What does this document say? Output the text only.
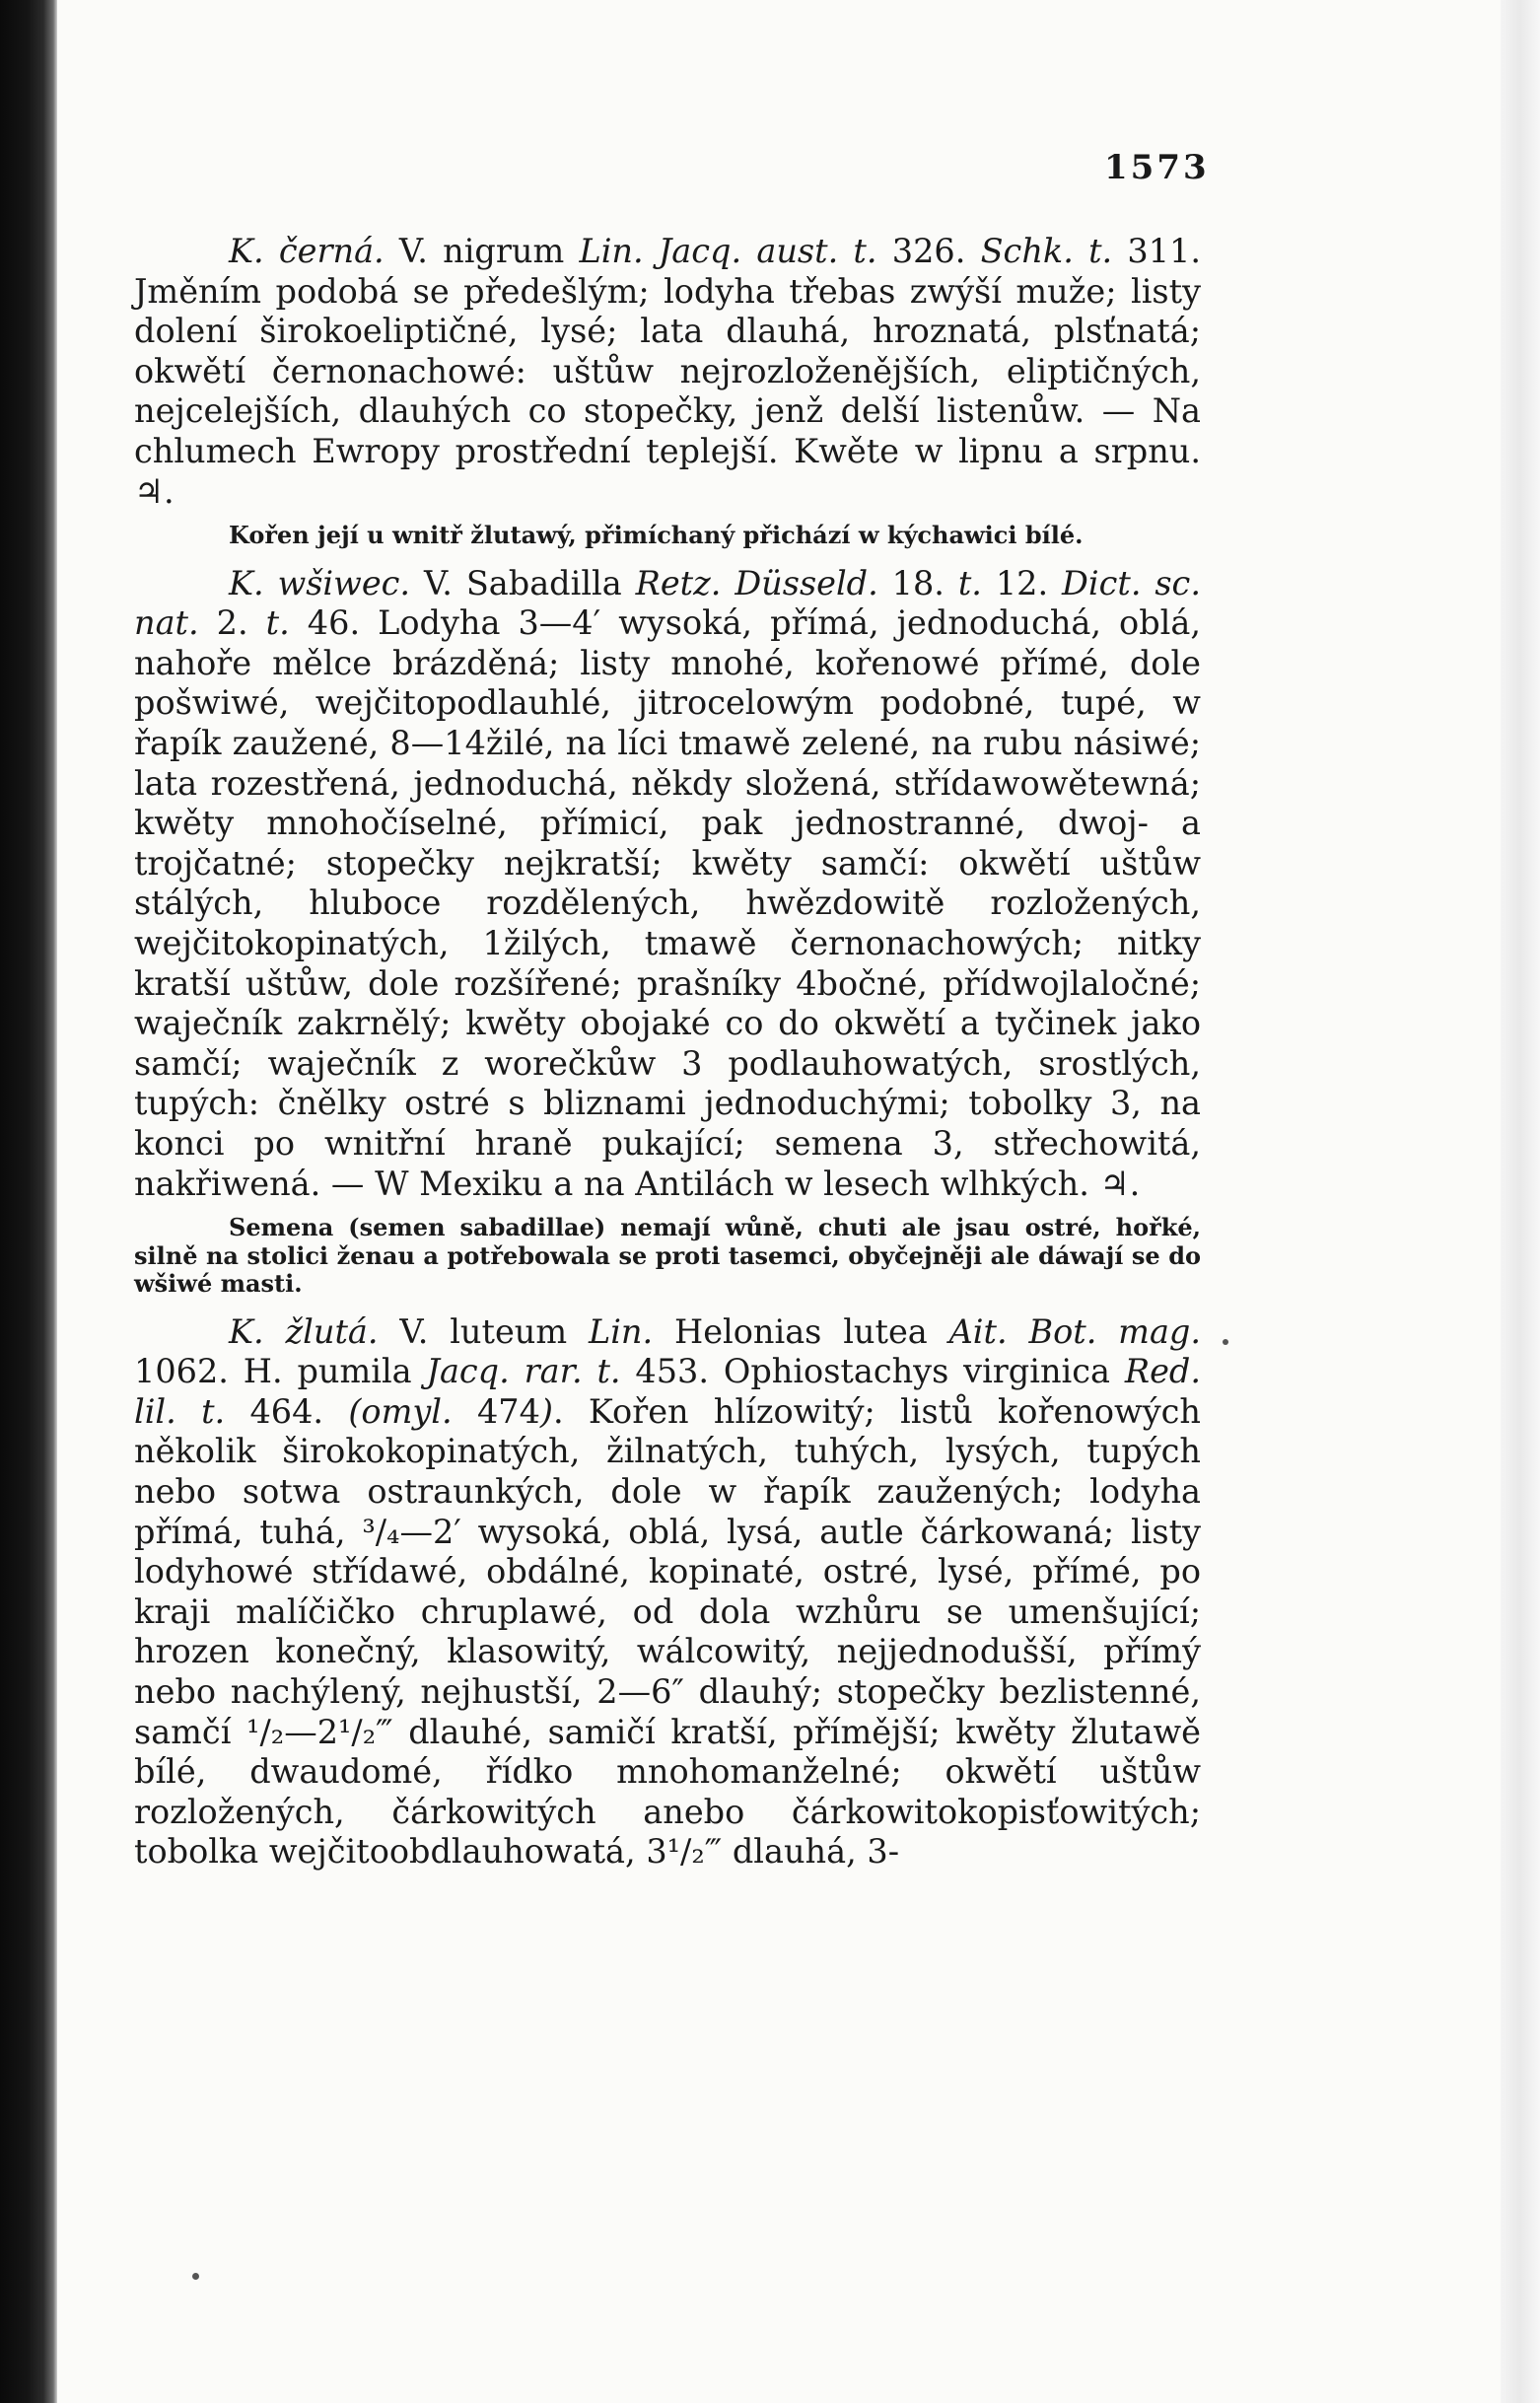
1573

K. černá. V. nigrum Lin. Jacq. aust. t. 326. Schk. t. 311. Jměním podobá se předešlým; lodyha třebas zwýší muže; listy dolení širokoeliptičné, lysé; lata dlauhá, hroznatá, plsťnatá; okwětí černonachowé: uštůw nejrozloženějších, eliptičných, nejcelejších, dlauhých co stopečky, jenž delší listenůw. — Na chlumech Ewropy prostřední teplejší. Kwěte w lipnu a srpnu. ♃.

Kořen její u wnitř žlutawý, přimíchaný přichází w kýchawici bílé.

K. wšiwec. V. Sabadilla Retz. Düsseld. 18. t. 12. Dict. sc. nat. 2. t. 46. Lodyha 3—4′ wysoká, přímá, jednoduchá, oblá, nahoře mělce brázděná; listy mnohé, kořenowé přímé, dole pošwiwé, wejčitopodlauhlé, jitrocelowým podobné, tupé, w řapík zaužené, 8—14žilé, na líci tmawě zelené, na rubu násiwé; lata rozestřená, jednoduchá, někdy složená, střídawowětewná; kwěty mnohočíselné, přímicí, pak jednostranné, dwoj- a trojčatné; stopečky nejkratší; kwěty samčí: okwětí uštůw stálých, hluboce rozdělených, hwězdowitě rozložených, wejčitokopinatých, 1žilých, tmawě černonachowých; nitky kratší uštůw, dole rozšířené; prašníky 4bočné, přídwojlaločné; waječník zakrnělý; kwěty obojaké co do okwětí a tyčinek jako samčí; waječník z worečkůw 3 podlauhowatých, srostlých, tupých: čnělky ostré s bliznami jednoduchými; tobolky 3, na konci po wnitřní hraně pukající; semena 3, střechowitá, nakřiwená. — W Mexiku a na Antilách w lesech wlhkých. ♃.

Semena (semen sabadillae) nemají wůně, chuti ale jsau ostré, hořké, silně na stolici ženau a potřebowala se proti tasemci, obyčejněji ale dáwají se do wšiwé masti.

K. žlutá. V. luteum Lin. Helonias lutea Ait. Bot. mag. 1062. H. pumila Jacq. rar. t. 453. Ophiostachys virginica Red. lil. t. 464. (omyl. 474). Kořen hlízowitý; listů kořenowých několik širokokopinatých, žilnatých, tuhých, lysých, tupých nebo sotwa ostraunkých, dole w řapík zaužených; lodyha přímá, tuhá, ³/₄—2′ wysoká, oblá, lysá, autle čárkowaná; listy lodyhowé střídawé, obdálné, kopinaté, ostré, lysé, přímé, po kraji malíčičko chruplawé, od dola wzhůru se umenšující; hrozen konečný, klasowitý, wálcowitý, nejjednodušší, přímý nebo nachýlený, nejhustší, 2—6″ dlauhý; stopečky bezlistenné, samčí ¹/₂—2¹/₂‴ dlauhé, samičí kratší, přímější; kwěty žlutawě bílé, dwaudomé, řídko mnohomanželné; okwětí uštůw rozložených, čárkowitých anebo čárkowitokopisťowitých; tobolka wejčitoobdlauhowatá, 3¹/₂‴ dlauhá, 3-
